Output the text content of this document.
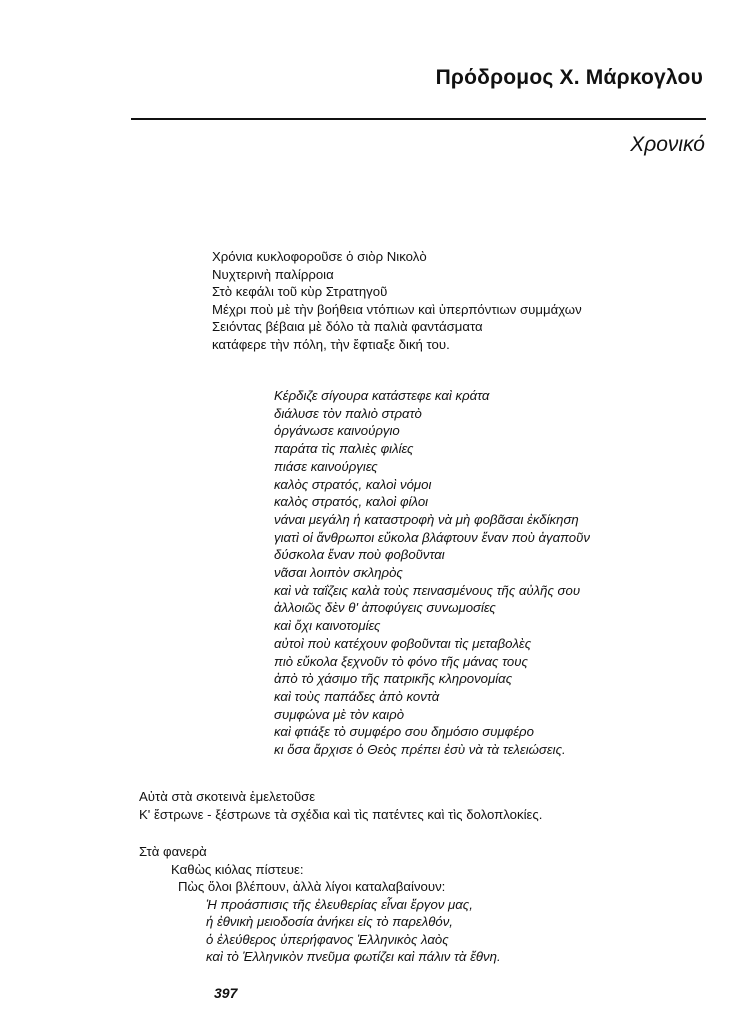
Πρόδρομος Χ. Μάρκογλου
Χρονικό
Χρόνια κυκλοφοροῦσε ὁ σιὸρ Νικολὸ
Νυχτερινὴ παλίρροια
Στὸ κεφάλι τοῦ κὺρ Στρατηγοῦ
Μέχρι ποὺ μὲ τὴν βοήθεια ντόπιων καὶ ὑπερπόντιων συμμάχων
Σειόντας βέβαια μὲ δόλο τὰ παλιὰ φαντάσματα
κατάφερε τὴν πόλη, τὴν ἔφτιαξε δική του.
Κέρδιζε σίγουρα κατάστεφε καὶ κράτα
διάλυσε τὸν παλιὸ στρατὸ
ὀργάνωσε καινούργιο
παράτα τὶς παλιὲς φιλίες
πιάσε καινούργιες
καλὸς στρατός, καλοὶ νόμοι
καλὸς στρατός, καλοὶ φίλοι
νάναι μεγάλη ἡ καταστροφὴ νὰ μὴ φοβᾶσαι ἐκδίκηση
γιατὶ οἱ ἄνθρωποι εὔκολα βλάφτουν ἕναν ποὺ ἀγαποῦν
δύσκολα ἕναν ποὺ φοβοῦνται
νᾶσαι λοιπὸν σκληρὸς
καὶ νὰ ταΐζεις καλὰ τοὺς πεινασμένους τῆς αὐλῆς σου
ἀλλοιῶς δὲν θ' ἀποφύγεις συνωμοσίες
καὶ ὄχι καινοτομίες
αὐτοὶ ποὺ κατέχουν φοβοῦνται τὶς μεταβολὲς
πιὸ εὔκολα ξεχνοῦν τὸ φόνο τῆς μάνας τους
ἀπὸ τὸ χάσιμο τῆς πατρικῆς κληρονομίας
καὶ τοὺς παπάδες ἀπὸ κοντὰ
συμφώνα μὲ τὸν καιρὸ
καὶ φτιάξε τὸ συμφέρο σου δημόσιο συμφέρο
κι ὅσα ἄρχισε ὁ Θεὸς πρέπει ἐσὺ νὰ τὰ τελειώσεις.
Αὐτὰ στὰ σκοτεινὰ ἐμελετοῦσε
Κ' ἔστρωνε - ξέστρωνε τὰ σχέδια καὶ τὶς πατέντες καὶ τὶς δολοπλοκίες.
Στὰ φανερὰ
Καθὼς κιόλας πίστευε:
Πὼς ὅλοι βλέπουν, ἀλλὰ λίγοι καταλαβαίνουν:
Ἡ προάσπισις τῆς ἐλευθερίας εἶναι ἔργον μας,
ἡ ἐθνικὴ μειοδοσία ἀνήκει εἰς τὸ παρελθόν,
ὁ ἐλεύθερος ὑπερήφανος Ἑλληνικὸς λαὸς
καὶ τὸ Ἑλληνικὸν πνεῦμα φωτίζει καὶ πάλιν τὰ ἔθνη.
397
